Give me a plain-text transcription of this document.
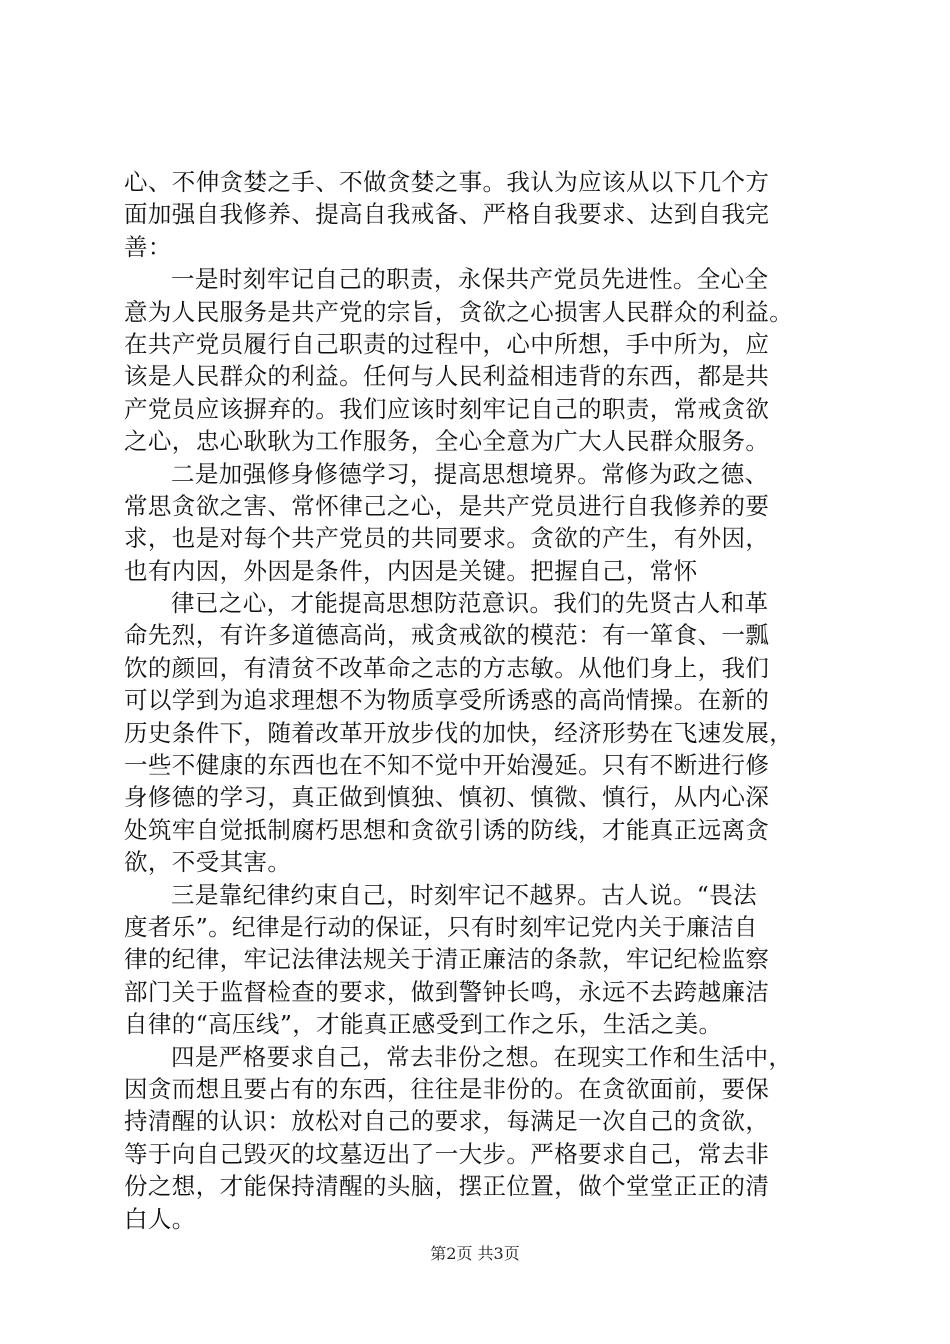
心、不伸贪婪之手、不做贪婪之事。我认为应该从以下几个方
面加强自我修养、提高自我戒备、严格自我要求、达到自我完
善：
一是时刻牢记自己的职责，永保共产党员先进性。全心全
意为人民服务是共产党的宗旨，贪欲之心损害人民群众的利益。
在共产党员履行自己职责的过程中，心中所想，手中所为，应
该是人民群众的利益。任何与人民利益相违背的东西，都是共
产党员应该摒弃的。我们应该时刻牢记自己的职责，常戒贪欲
之心，忠心耿耿为工作服务，全心全意为广大人民群众服务。
二是加强修身修德学习，提高思想境界。常修为政之德、
常思贪欲之害、常怀律己之心，是共产党员进行自我修养的要
求，也是对每个共产党员的共同要求。贪欲的产生，有外因，
也有内因，外因是条件，内因是关键。把握自己，常怀
律已之心，才能提高思想防范意识。我们的先贤古人和革
命先烈，有许多道德高尚，戒贪戒欲的模范：有一箪食、一瓢
饮的颜回，有清贫不改革命之志的方志敏。从他们身上，我们
可以学到为追求理想不为物质享受所诱惑的高尚情操。在新的
历史条件下，随着改革开放步伐的加快，经济形势在飞速发展，
一些不健康的东西也在不知不觉中开始漫延。只有不断进行修
身修德的学习，真正做到慎独、慎初、慎微、慎行，从内心深
处筑牢自觉抵制腐朽思想和贪欲引诱的防线，才能真正远离贪
欲，不受其害。
三是靠纪律约束自己，时刻牢记不越界。古人说。“畏法
度者乐”。纪律是行动的保证，只有时刻牢记党内关于廉洁自
律的纪律，牢记法律法规关于清正廉洁的条款，牢记纪检监察
部门关于监督检查的要求，做到警钟长鸣，永远不去跨越廉洁
自律的“高压线”，才能真正感受到工作之乐，生活之美。
四是严格要求自己，常去非份之想。在现实工作和生活中，
因贪而想且要占有的东西，往往是非份的。在贪欲面前，要保
持清醒的认识：放松对自己的要求，每满足一次自己的贪欲，
等于向自己毁灭的坟墓迈出了一大步。严格要求自己，常去非
份之想，才能保持清醒的头脑，摆正位置，做个堂堂正正的清
白人。
第2页 共3页
